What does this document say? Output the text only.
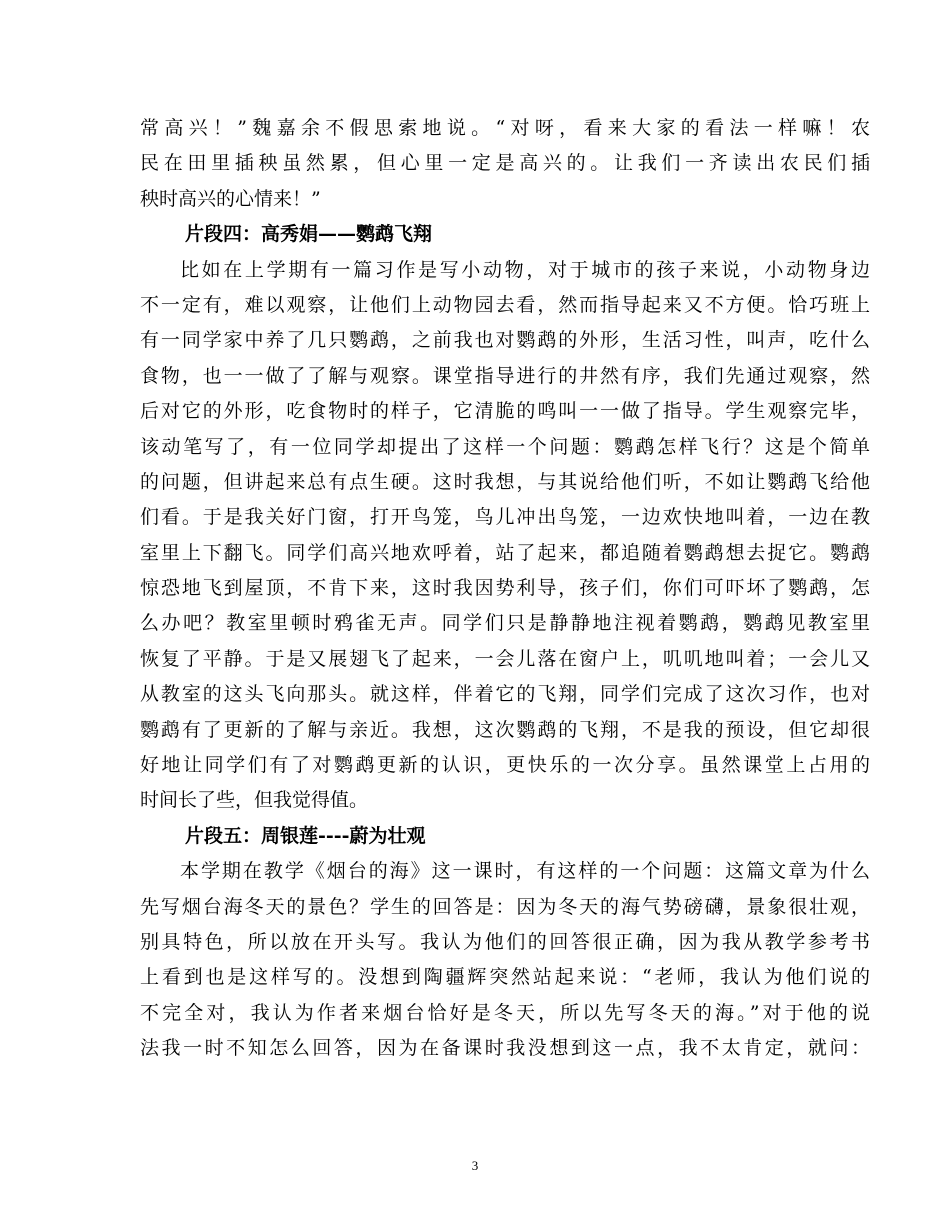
常高兴！”魏嘉余不假思索地说。“对呀，看来大家的看法一样嘛！农
民在田里插秧虽然累，但心里一定是高兴的。让我们一齐读出农民们插
秧时高兴的心情来！”
片段四：高秀娟——鹦鹉飞翔
比如在上学期有一篇习作是写小动物，对于城市的孩子来说，小动物身边
不一定有，难以观察，让他们上动物园去看，然而指导起来又不方便。恰巧班上
有一同学家中养了几只鹦鹉，之前我也对鹦鹉的外形，生活习性，叫声，吃什么
食物，也一一做了了解与观察。课堂指导进行的井然有序，我们先通过观察，然
后对它的外形，吃食物时的样子，它清脆的鸣叫一一做了指导。学生观察完毕，
该动笔写了，有一位同学却提出了这样一个问题：鹦鹉怎样飞行？这是个简单
的问题，但讲起来总有点生硬。这时我想，与其说给他们听，不如让鹦鹉飞给他
们看。于是我关好门窗，打开鸟笼，鸟儿冲出鸟笼，一边欢快地叫着，一边在教
室里上下翻飞。同学们高兴地欢呼着，站了起来，都追随着鹦鹉想去捉它。鹦鹉
惊恐地飞到屋顶，不肯下来，这时我因势利导，孩子们，你们可吓坏了鹦鹉，怎
么办吧？教室里顿时鸦雀无声。同学们只是静静地注视着鹦鹉，鹦鹉见教室里
恢复了平静。于是又展翅飞了起来，一会儿落在窗户上，叽叽地叫着；一会儿又
从教室的这头飞向那头。就这样，伴着它的飞翔，同学们完成了这次习作，也对
鹦鹉有了更新的了解与亲近。我想，这次鹦鹉的飞翔，不是我的预设，但它却很
好地让同学们有了对鹦鹉更新的认识，更快乐的一次分享。虽然课堂上占用的
时间长了些，但我觉得值。
片段五：周银莲----蔚为壮观
本学期在教学《烟台的海》这一课时，有这样的一个问题：这篇文章为什么
先写烟台海冬天的景色？学生的回答是：因为冬天的海气势磅礴，景象很壮观，
别具特色，所以放在开头写。我认为他们的回答很正确，因为我从教学参考书
上看到也是这样写的。没想到陶疆辉突然站起来说：“老师，我认为他们说的
不完全对，我认为作者来烟台恰好是冬天，所以先写冬天的海。”对于他的说
法我一时不知怎么回答，因为在备课时我没想到这一点，我不太肯定，就问：
3
